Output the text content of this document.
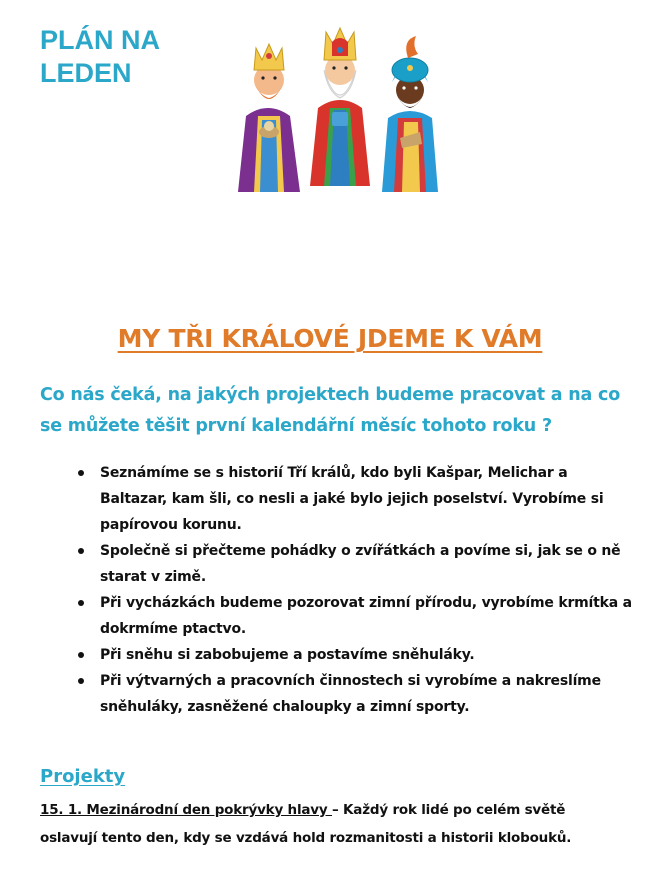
PLÁN NA
LEDEN
MY TŘI KRÁLOVÉ JDEME K VÁM

Co nás čeká, na jakých projektech budeme pracovat a na co se můžete těšit první kalendářní měsíc tohoto roku ?

Seznámíme se s historií Tří králů, kdo byli Kašpar, Melichar a Baltazar, kam šli, co nesli a jaké bylo jejich poselství. Vyrobíme si papírovou korunu.
Společně si přečteme pohádky o zvířátkách a povíme si, jak se o ně starat v zimě.
Při vycházkách budeme pozorovat zimní přírodu, vyrobíme krmítka a dokrmíme ptactvo.
Při sněhu si zabobujeme a postavíme sněhuláky.
Při výtvarných a pracovních činnostech si vyrobíme a nakreslíme sněhuláky, zasněžené chaloupky a zimní sporty.
Projekty

15. 1. Mezinárodní den pokrývky hlavy – Každý rok lidé po celém světě oslavují tento den, kdy se vzdává hold rozmanitosti a historii klobouků.
